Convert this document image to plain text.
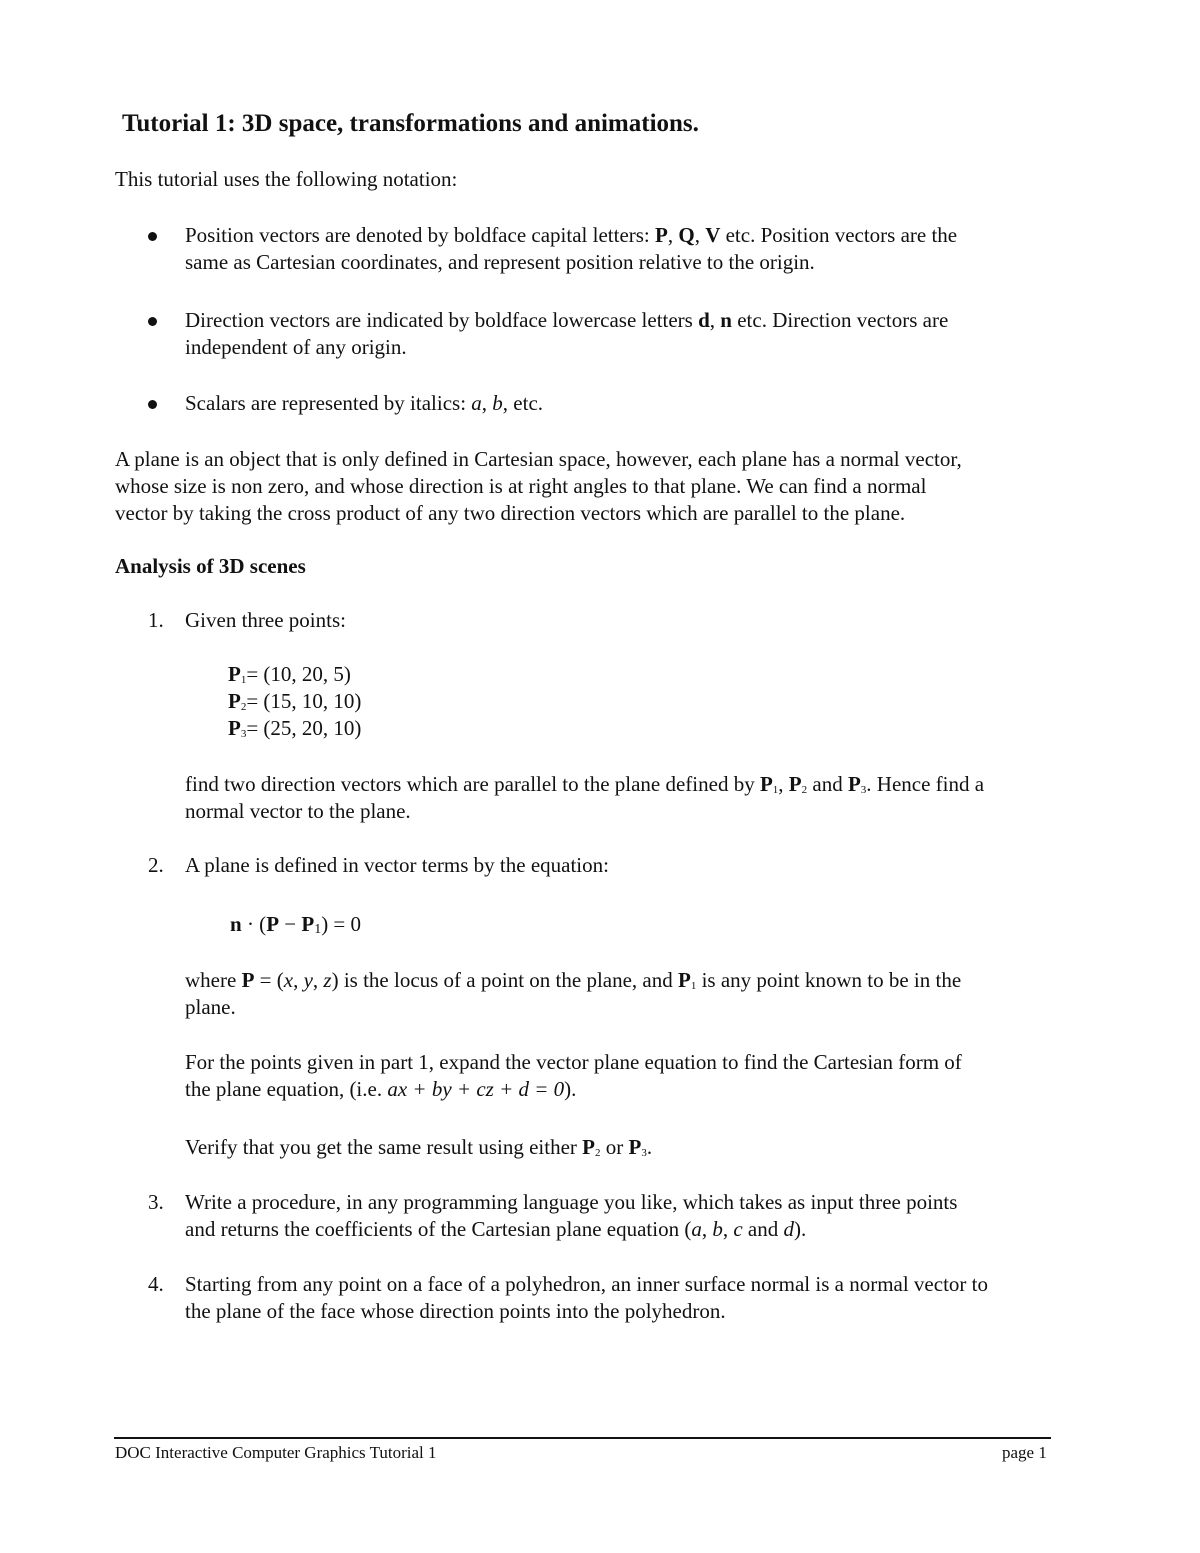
Tutorial 1: 3D space, transformations and animations.
This tutorial uses the following notation:
Position vectors are denoted by boldface capital letters: P, Q, V etc. Position vectors are the
same as Cartesian coordinates, and represent position relative to the origin.
Direction vectors are indicated by boldface lowercase letters d, n etc. Direction vectors are
independent of any origin.
Scalars are represented by italics: a, b, etc.
A plane is an object that is only defined in Cartesian space, however, each plane has a normal vector,
whose size is non zero, and whose direction is at right angles to that plane. We can find a normal
vector by taking the cross product of any two direction vectors which are parallel to the plane.
Analysis of 3D scenes
1. Given three points:
$P_1= (10$, 20, 5)
$P_2= (15$, 10, 10)
$P_3= (25$, 20, 10)
find two direction vectors which are parallel to the plane defined by $P_1$, $P_2$ and $P_3$. Hence find a
normal vector to the plane.
2. A plane is defined in vector terms by the equation:
$n \cdot (P - P_1) = 0$
where P = (x, y, z) is the locus of a point on the plane, and $P_1$ is any point known to be in the
plane.
For the points given in part 1, expand the vector plane equation to find the Cartesian form of
the plane equation, (i.e. ax + by + cz + d = 0).
Verify that you get the same result using either $P_2$ or $P_3$.
3. Write a procedure, in any programming language you like, which takes as input three points
and returns the coefficients of the Cartesian plane equation (a, b, c and d).
4. Starting from any point on a face of a polyhedron, an inner surface normal is a normal vector to
the plane of the face whose direction points into the polyhedron.
DOC Interactive Computer Graphics Tutorial 1	page 1
